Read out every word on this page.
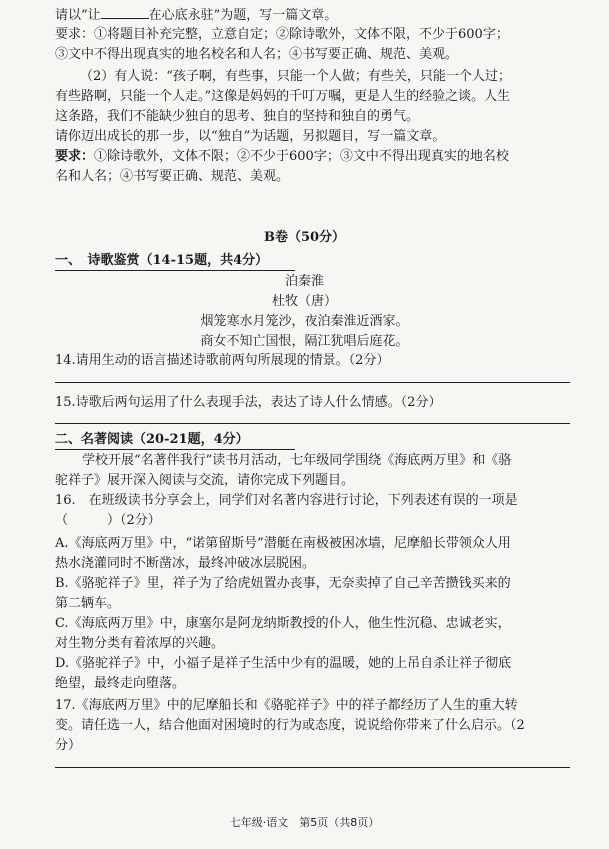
请以“让	在心底永驻”为题，写一篇文章。
要求：①将题目补充完整，立意自定；②除诗歌外，文体不限，不少于600字；
③文中不得出现真实的地名校名和人名；④书写要正确、规范、美观。
（2）有人说：“孩子啊，有些事，只能一个人做；有些关，只能一个人过；
有些路啊，只能一个人走。”这像是妈妈的千叮万嘱，更是人生的经验之谈。人生
这条路，我们不能缺少独自的思考、独自的坚持和独自的勇气。
请你迈出成长的那一步，以“独自”为话题，另拟题目，写一篇文章。
要求：①除诗歌外，文体不限；②不少于600字；③文中不得出现真实的地名校
名和人名；④书写要正确、规范、美观。
B卷（50分）
一、　诗歌鉴赏（14-15题，共4分）
泊秦淮
杜牧（唐）
烟笼寒水月笼沙，夜泊秦淮近酒家。
商女不知亡国恨，隔江犹唱后庭花。
14.请用生动的语言描述诗歌前两句所展现的情景。（2分）
15.诗歌后两句运用了什么表现手法，表达了诗人什么情感。（2分）
二、名著阅读（20-21题，4分）
学校开展“名著伴我行”读书月活动，七年级同学围绕《海底两万里》和《骆
驼祥子》展开深入阅读与交流，请你完成下列题目。
16.　在班级读书分享会上，同学们对名著内容进行讨论，下列表述有误的一项是
（　　　）（2分）
A.《海底两万里》中，“诺第留斯号”潜艇在南极被困冰墙，尼摩船长带领众人用
热水浇灌同时不断凿冰，最终冲破冰层脱困。
B.《骆驼祥子》里，祥子为了给虎妞置办丧事，无奈卖掉了自己辛苦攒钱买来的
第二辆车。
C.《海底两万里》中，康塞尔是阿龙纳斯教授的仆人，他生性沉稳、忠诚老实，
对生物分类有着浓厚的兴趣。
D.《骆驼祥子》中，小福子是祥子生活中少有的温暖，她的上吊自杀让祥子彻底
绝望，最终走向堕落。
17.《海底两万里》中的尼摩船长和《骆驼祥子》中的祥子都经历了人生的重大转
变。请任选一人，结合他面对困境时的行为或态度，说说给你带来了什么启示。（2
分）
七年级·语文　第5页（共8页）
